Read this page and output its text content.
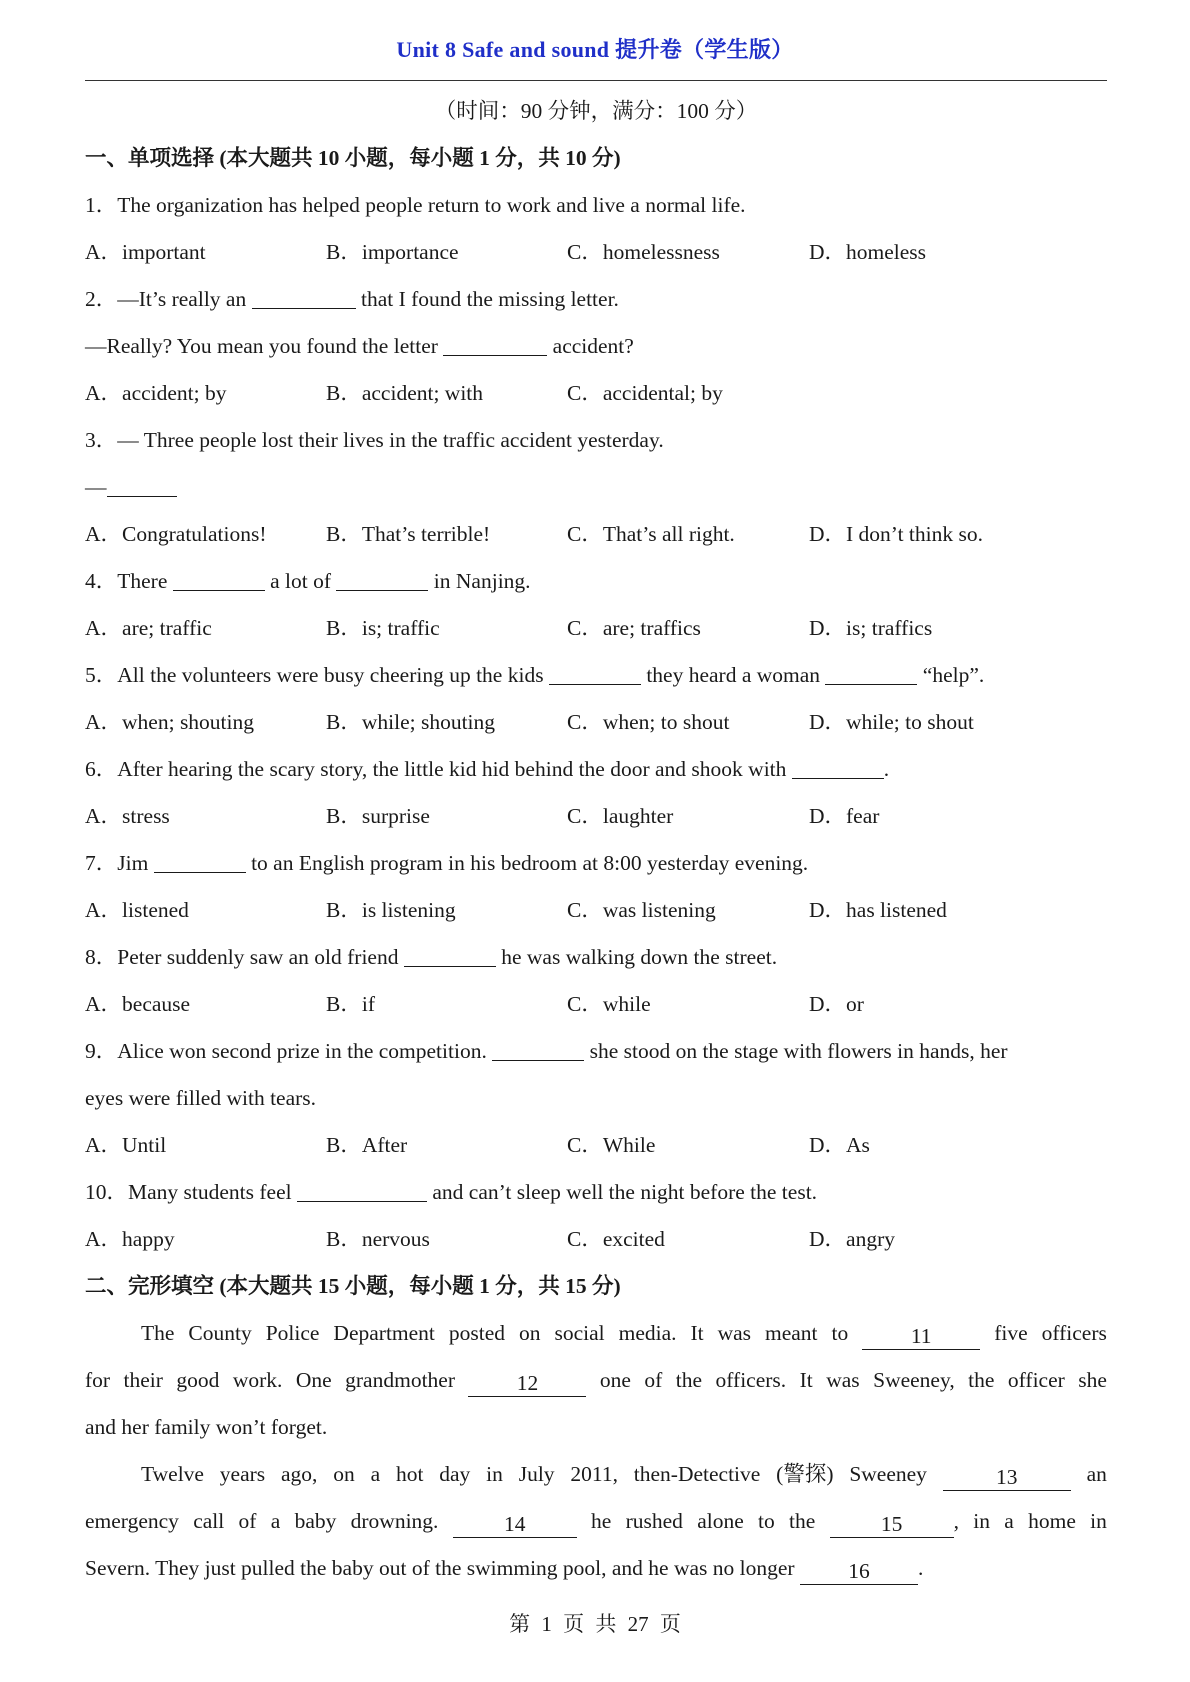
Unit 8 Safe and sound 提升卷（学生版）
（时间：90 分钟，满分：100 分）
一、单项选择 (本大题共 10 小题，每小题 1 分，共 10 分)
1．The organization has helped people return to work and live a normal life.
A．important	B．importance	C．homelessness	D．homeless
2．—It’s really an	that I found the missing letter.
—Really? You mean you found the letter	accident?
A．accident; by	B．accident; with	C．accidental; by
3．— Three people lost their lives in the traffic accident yesterday.
—
A．Congratulations!	B．That’s terrible!	C．That’s all right.	D．I don’t think so.
4．There	a lot of	in Nanjing.
A．are; traffic	B．is; traffic	C．are; traffics	D．is; traffics
5．All the volunteers were busy cheering up the kids	they heard a woman	“help”.
A．when; shouting	B．while; shouting	C．when; to shout	D．while; to shout
6．After hearing the scary story, the little kid hid behind the door and shook with	.
A．stress	B．surprise	C．laughter	D．fear
7．Jim	to an English program in his bedroom at 8:00 yesterday evening.
A．listened	B．is listening	C．was listening	D．has listened
8．Peter suddenly saw an old friend	he was walking down the street.
A．because	B．if	C．while	D．or
9．Alice won second prize in the competition.	she stood on the stage with flowers in hands, her
eyes were filled with tears.
A．Until	B．After	C．While	D．As
10．Many students feel	and can’t sleep well the night before the test.
A．happy	B．nervous	C．excited	D．angry
二、完形填空 (本大题共 15 小题，每小题 1 分，共 15 分)
The County Police Department posted on social media. It was meant to	11	five officers
for their good work. One grandmother	12	one of the officers. It was Sweeney, the officer she
and her family won’t forget.
Twelve years ago, on a hot day in July 2011, then-Detective (警探) Sweeney	13	an
emergency call of a baby drowning.	14	he rushed alone to the	15 , in a home in
Severn. They just pulled the baby out of the swimming pool, and he was no longer 16 .
第 1 页 共 27 页
